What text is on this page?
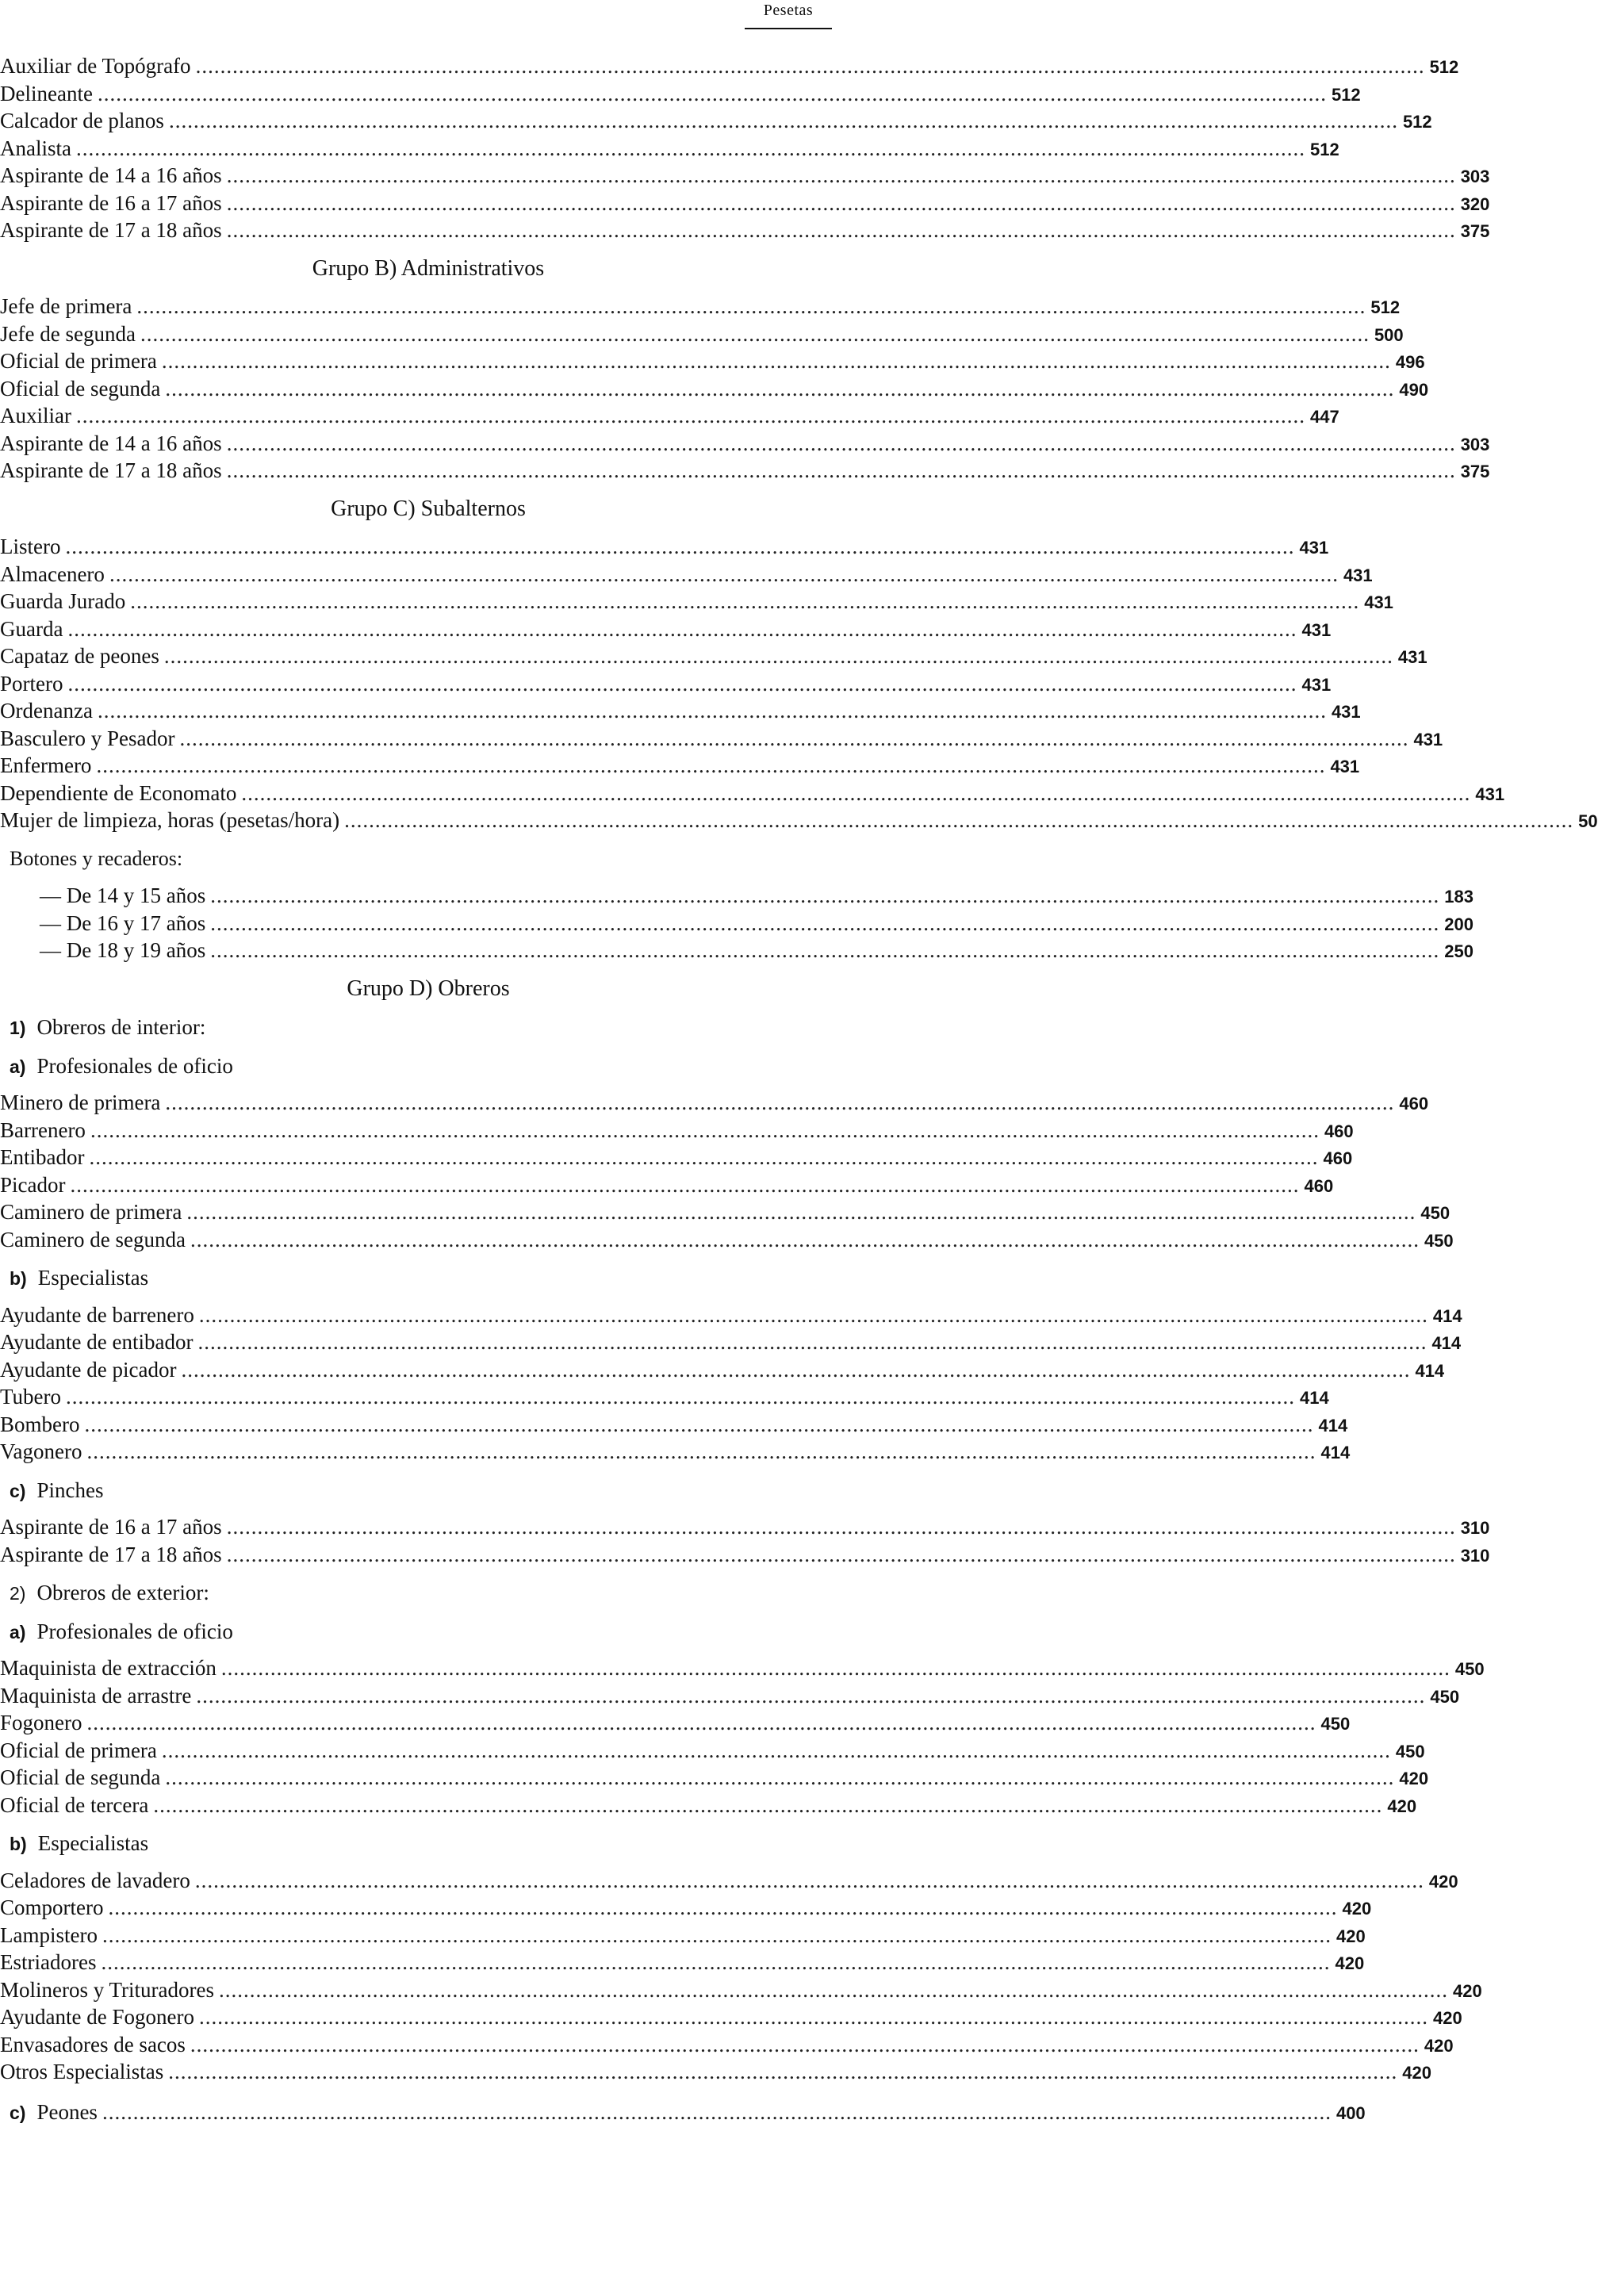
Pesetas
Auxiliar de Topógrafo ........................................................................................................................................................................................................ 512
Delineante ........................................................................................................................................................................................................ 512
Calcador de planos ........................................................................................................................................................................................................ 512
Analista ........................................................................................................................................................................................................ 512
Aspirante de 14 a 16 años ........................................................................................................................................................................................................ 303
Aspirante de 16 a 17 años ........................................................................................................................................................................................................ 320
Aspirante de 17 a 18 años ........................................................................................................................................................................................................ 375
Grupo B) Administrativos
Jefe de primera ........................................................................................................................................................................................................ 512
Jefe de segunda ........................................................................................................................................................................................................ 500
Oficial de primera ........................................................................................................................................................................................................ 496
Oficial de segunda ........................................................................................................................................................................................................ 490
Auxiliar ........................................................................................................................................................................................................ 447
Aspirante de 14 a 16 años ........................................................................................................................................................................................................ 303
Aspirante de 17 a 18 años ........................................................................................................................................................................................................ 375
Grupo C) Subalternos
Listero ........................................................................................................................................................................................................ 431
Almacenero ........................................................................................................................................................................................................ 431
Guarda Jurado ........................................................................................................................................................................................................ 431
Guarda ........................................................................................................................................................................................................ 431
Capataz de peones ........................................................................................................................................................................................................ 431
Portero ........................................................................................................................................................................................................ 431
Ordenanza ........................................................................................................................................................................................................ 431
Basculero y Pesador ........................................................................................................................................................................................................ 431
Enfermero ........................................................................................................................................................................................................ 431
Dependiente de Economato ........................................................................................................................................................................................................ 431
Mujer de limpieza, horas (pesetas/hora) ........................................................................................................................................................................................................ 50
Botones y recaderos:
— De 14 y 15 años ........................................................................................................................................................................................................ 183
— De 16 y 17 años ........................................................................................................................................................................................................ 200
— De 18 y 19 años ........................................................................................................................................................................................................ 250
Grupo D) Obreros
1) Obreros de interior:
a) Profesionales de oficio
Minero de primera ........................................................................................................................................................................................................ 460
Barrenero ........................................................................................................................................................................................................ 460
Entibador ........................................................................................................................................................................................................ 460
Picador ........................................................................................................................................................................................................ 460
Caminero de primera ........................................................................................................................................................................................................ 450
Caminero de segunda ........................................................................................................................................................................................................ 450
b) Especialistas
Ayudante de barrenero ........................................................................................................................................................................................................ 414
Ayudante de entibador ........................................................................................................................................................................................................ 414
Ayudante de picador ........................................................................................................................................................................................................ 414
Tubero ........................................................................................................................................................................................................ 414
Bombero ........................................................................................................................................................................................................ 414
Vagonero ........................................................................................................................................................................................................ 414
c) Pinches
Aspirante de 16 a 17 años ........................................................................................................................................................................................................ 310
Aspirante de 17 a 18 años ........................................................................................................................................................................................................ 310
2) Obreros de exterior:
a) Profesionales de oficio
Maquinista de extracción ........................................................................................................................................................................................................ 450
Maquinista de arrastre ........................................................................................................................................................................................................ 450
Fogonero ........................................................................................................................................................................................................ 450
Oficial de primera ........................................................................................................................................................................................................ 450
Oficial de segunda ........................................................................................................................................................................................................ 420
Oficial de tercera ........................................................................................................................................................................................................ 420
b) Especialistas
Celadores de lavadero ........................................................................................................................................................................................................ 420
Comportero ........................................................................................................................................................................................................ 420
Lampistero ........................................................................................................................................................................................................ 420
Estriadores ........................................................................................................................................................................................................ 420
Molineros y Trituradores ........................................................................................................................................................................................................ 420
Ayudante de Fogonero ........................................................................................................................................................................................................ 420
Envasadores de sacos ........................................................................................................................................................................................................ 420
Otros Especialistas ........................................................................................................................................................................................................ 420
c) Peones ........................................................................................................................................................................................................ 400
